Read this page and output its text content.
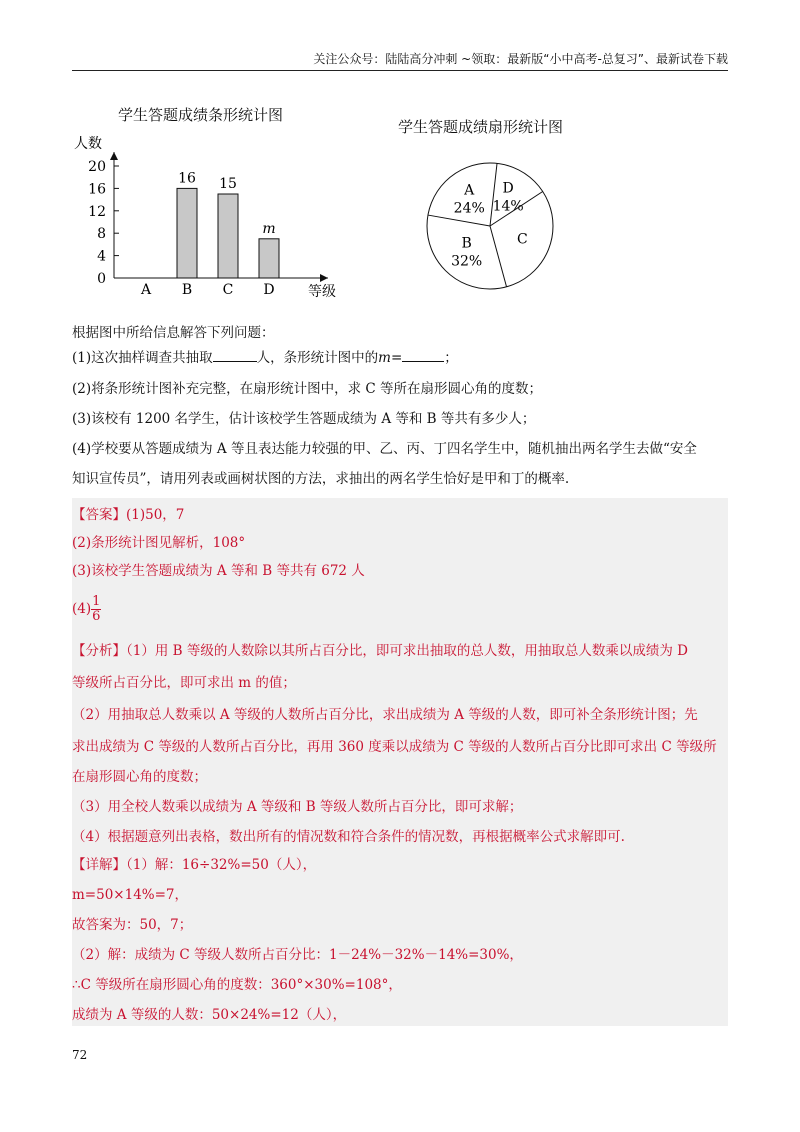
关注公众号：陆陆高分冲刺 ~领取：最新版“小中高考-总复习”、最新试卷下载
学生答题成绩条形统计图
人数
等级
0
4
8
12
16
20
A
16
B
15
C
m
D
学生答题成绩扇形统计图
A
24%
D
14%
C
B
32%
根据图中所给信息解答下列问题：
(1)这次抽样调查共抽取	人，条形统计图中的m=	；
(2)将条形统计图补充完整，在扇形统计图中，求 C 等所在扇形圆心角的度数；
(3)该校有 1200 名学生，估计该校学生答题成绩为 A 等和 B 等共有多少人；
(4)学校要从答题成绩为 A 等且表达能力较强的甲、乙、丙、丁四名学生中，随机抽出两名学生去做“安全
知识宣传员”，请用列表或画树状图的方法，求抽出的两名学生恰好是甲和丁的概率.
【答案】(1)50，7
(2)条形统计图见解析，108°
(3)该校学生答题成绩为 A 等和 B 等共有 672 人
$(4) \frac{1}{6}$
【分析】（1）用 B 等级的人数除以其所占百分比，即可求出抽取的总人数，用抽取总人数乘以成绩为 D
等级所占百分比，即可求出 m 的值；
（2）用抽取总人数乘以 A 等级的人数所占百分比，求出成绩为 A 等级的人数，即可补全条形统计图；先
求出成绩为 C 等级的人数所占百分比，再用 360 度乘以成绩为 C 等级的人数所占百分比即可求出 C 等级所
在扇形圆心角的度数；
（3）用全校人数乘以成绩为 A 等级和 B 等级人数所占百分比，即可求解；
（4）根据题意列出表格，数出所有的情况数和符合条件的情况数，再根据概率公式求解即可.
【详解】（1）解：16÷32%=50（人），
m=50×14%=7，
故答案为：50，7；
（2）解：成绩为 C 等级人数所占百分比：1－24%－32%－14%=30%，
∴C 等级所在扇形圆心角的度数：360°×30%=108°，
成绩为 A 等级的人数：50×24%=12（人），
72
